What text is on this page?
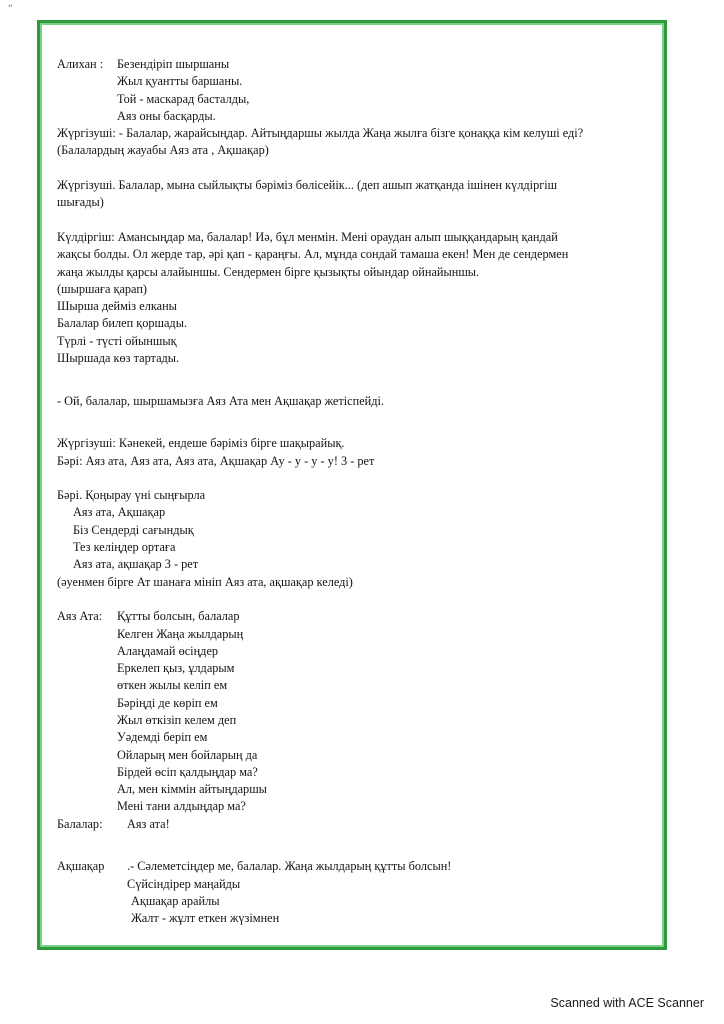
“
Алихан : Безендіріп шыршаны
Жыл қуантты баршаны.
Той - маскарад басталды,
Аяз оны басқарды.
Жүргізуші: - Балалар, жарайсыңдар. Айтыңдаршы жылда Жаңа жылға бізге қонаққа кім келуші еді?
(Балалардың жауабы Аяз ата , Ақшақар)
Жүргізуші. Балалар, мына сыйлықты бәріміз бөлісейік... (деп ашып жатқанда ішінен күлдіргіш
шығады)
Күлдіргіш: Амансыңдар ма, балалар! Иә, бұл менмін. Мені ораудан алып шыққандарың қандай
жақсы болды. Ол жерде тар, әрі қап - қараңғы. Ал, мұнда сондай тамаша екен! Мен де сендермен
жаңа жылды қарсы алайыншы. Сендермен бірге қызықты ойындар ойнайыншы.
(шыршаға қарап)
Шырша дейміз елканы
Балалар билеп қоршады.
Түрлі - түсті ойыншық
Шыршада көз тартады.
- Ой, балалар, шыршамызға Аяз Ата мен Ақшақар жетіспейді.
Жүргізуші: Кәнекей, ендеше бәріміз бірге шақырайық.
Бәрі: Аяз ата, Аяз ата, Аяз ата, Ақшақар Ау - у - у - у! 3 - рет
Бәрі. Қоңырау үні сыңғырла
Аяз ата, Ақшақар
Біз Сендерді сағындық
Тез келіңдер ортаға
Аяз ата, ақшақар 3 - рет
(әуенмен бірге Ат шанаға мініп Аяз ата, ақшақар келеді)
Аяз Ата:	Құтты болсын, балалар
Келген Жаңа жылдарың
Алаңдамай өсіңдер
Еркелеп қыз, ұлдарым
өткен жылы келіп ем
Бәріңді де көріп ем
Жыл өткізіп келем деп
Уәдемді беріп ем
Ойларың мен бойларың да
Бірдей өсіп қалдыңдар ма?
Ал, мен кіммін айтыңдаршы
Мені тани алдыңдар ма?
Балалар:	Аяз ата!
Ақшақар	.- Сәлеметсіңдер ме, балалар. Жаңа жылдарың құтты болсын!
Сүйсіндірер маңайды
Ақшақар арайлы
Жалт - жұлт еткен жүзімнен
Scanned with ACE Scanner
